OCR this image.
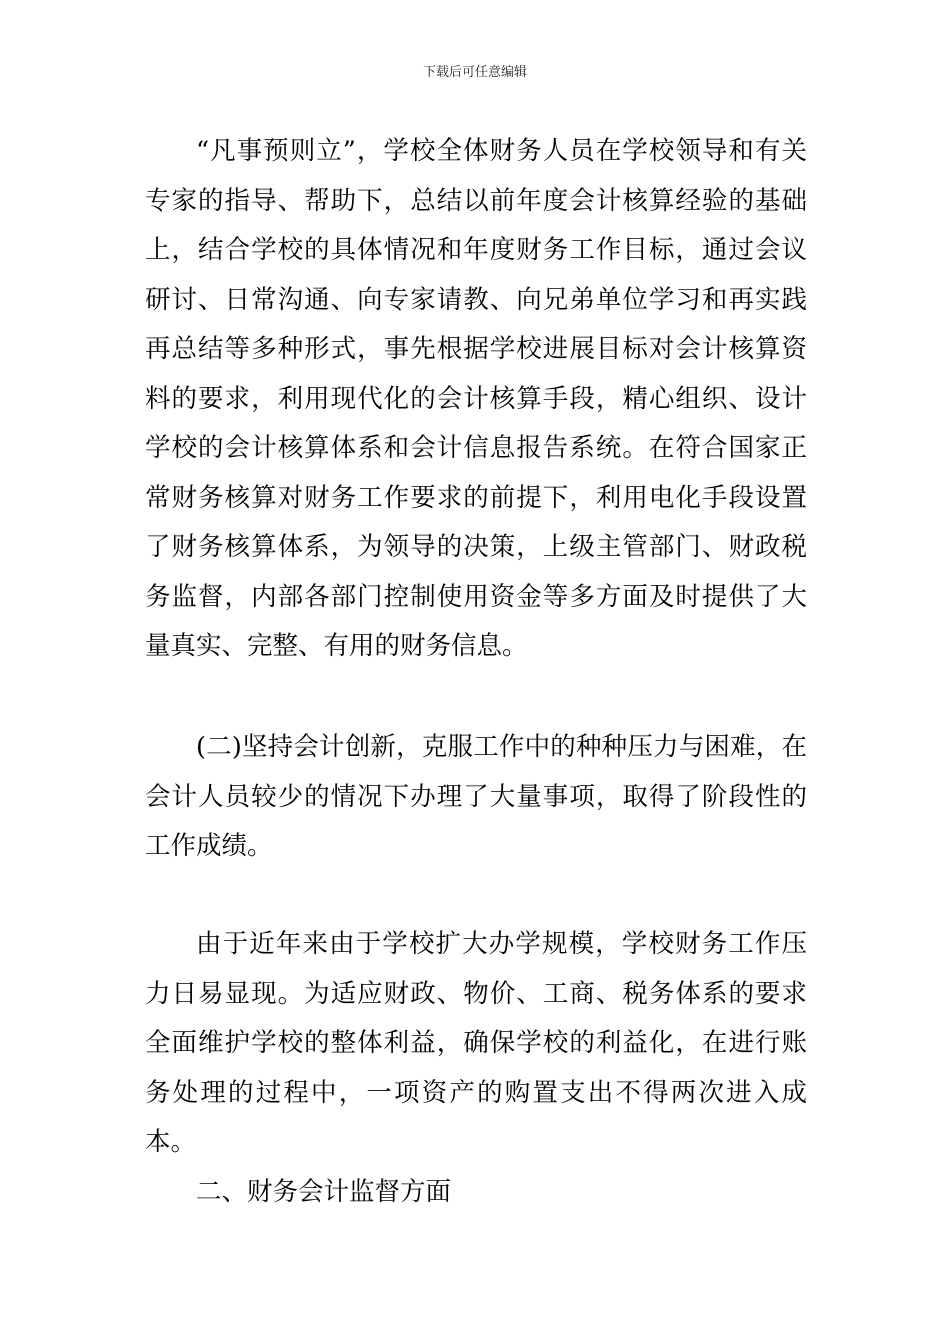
下载后可任意编辑

“凡事预则立”，学校全体财务人员在学校领导和有关专家的指导、帮助下，总结以前年度会计核算经验的基础上，结合学校的具体情况和年度财务工作目标，通过会议研讨、日常沟通、向专家请教、向兄弟单位学习和再实践再总结等多种形式，事先根据学校进展目标对会计核算资料的要求，利用现代化的会计核算手段，精心组织、设计学校的会计核算体系和会计信息报告系统。在符合国家正常财务核算对财务工作要求的前提下，利用电化手段设置了财务核算体系，为领导的决策，上级主管部门、财政税务监督，内部各部门控制使用资金等多方面及时提供了大量真实、完整、有用的财务信息。

(二)坚持会计创新，克服工作中的种种压力与困难，在会计人员较少的情况下办理了大量事项，取得了阶段性的工作成绩。

由于近年来由于学校扩大办学规模，学校财务工作压力日易显现。为适应财政、物价、工商、税务体系的要求全面维护学校的整体利益，确保学校的利益化，在进行账务处理的过程中，一项资产的购置支出不得两次进入成本。

二、财务会计监督方面
